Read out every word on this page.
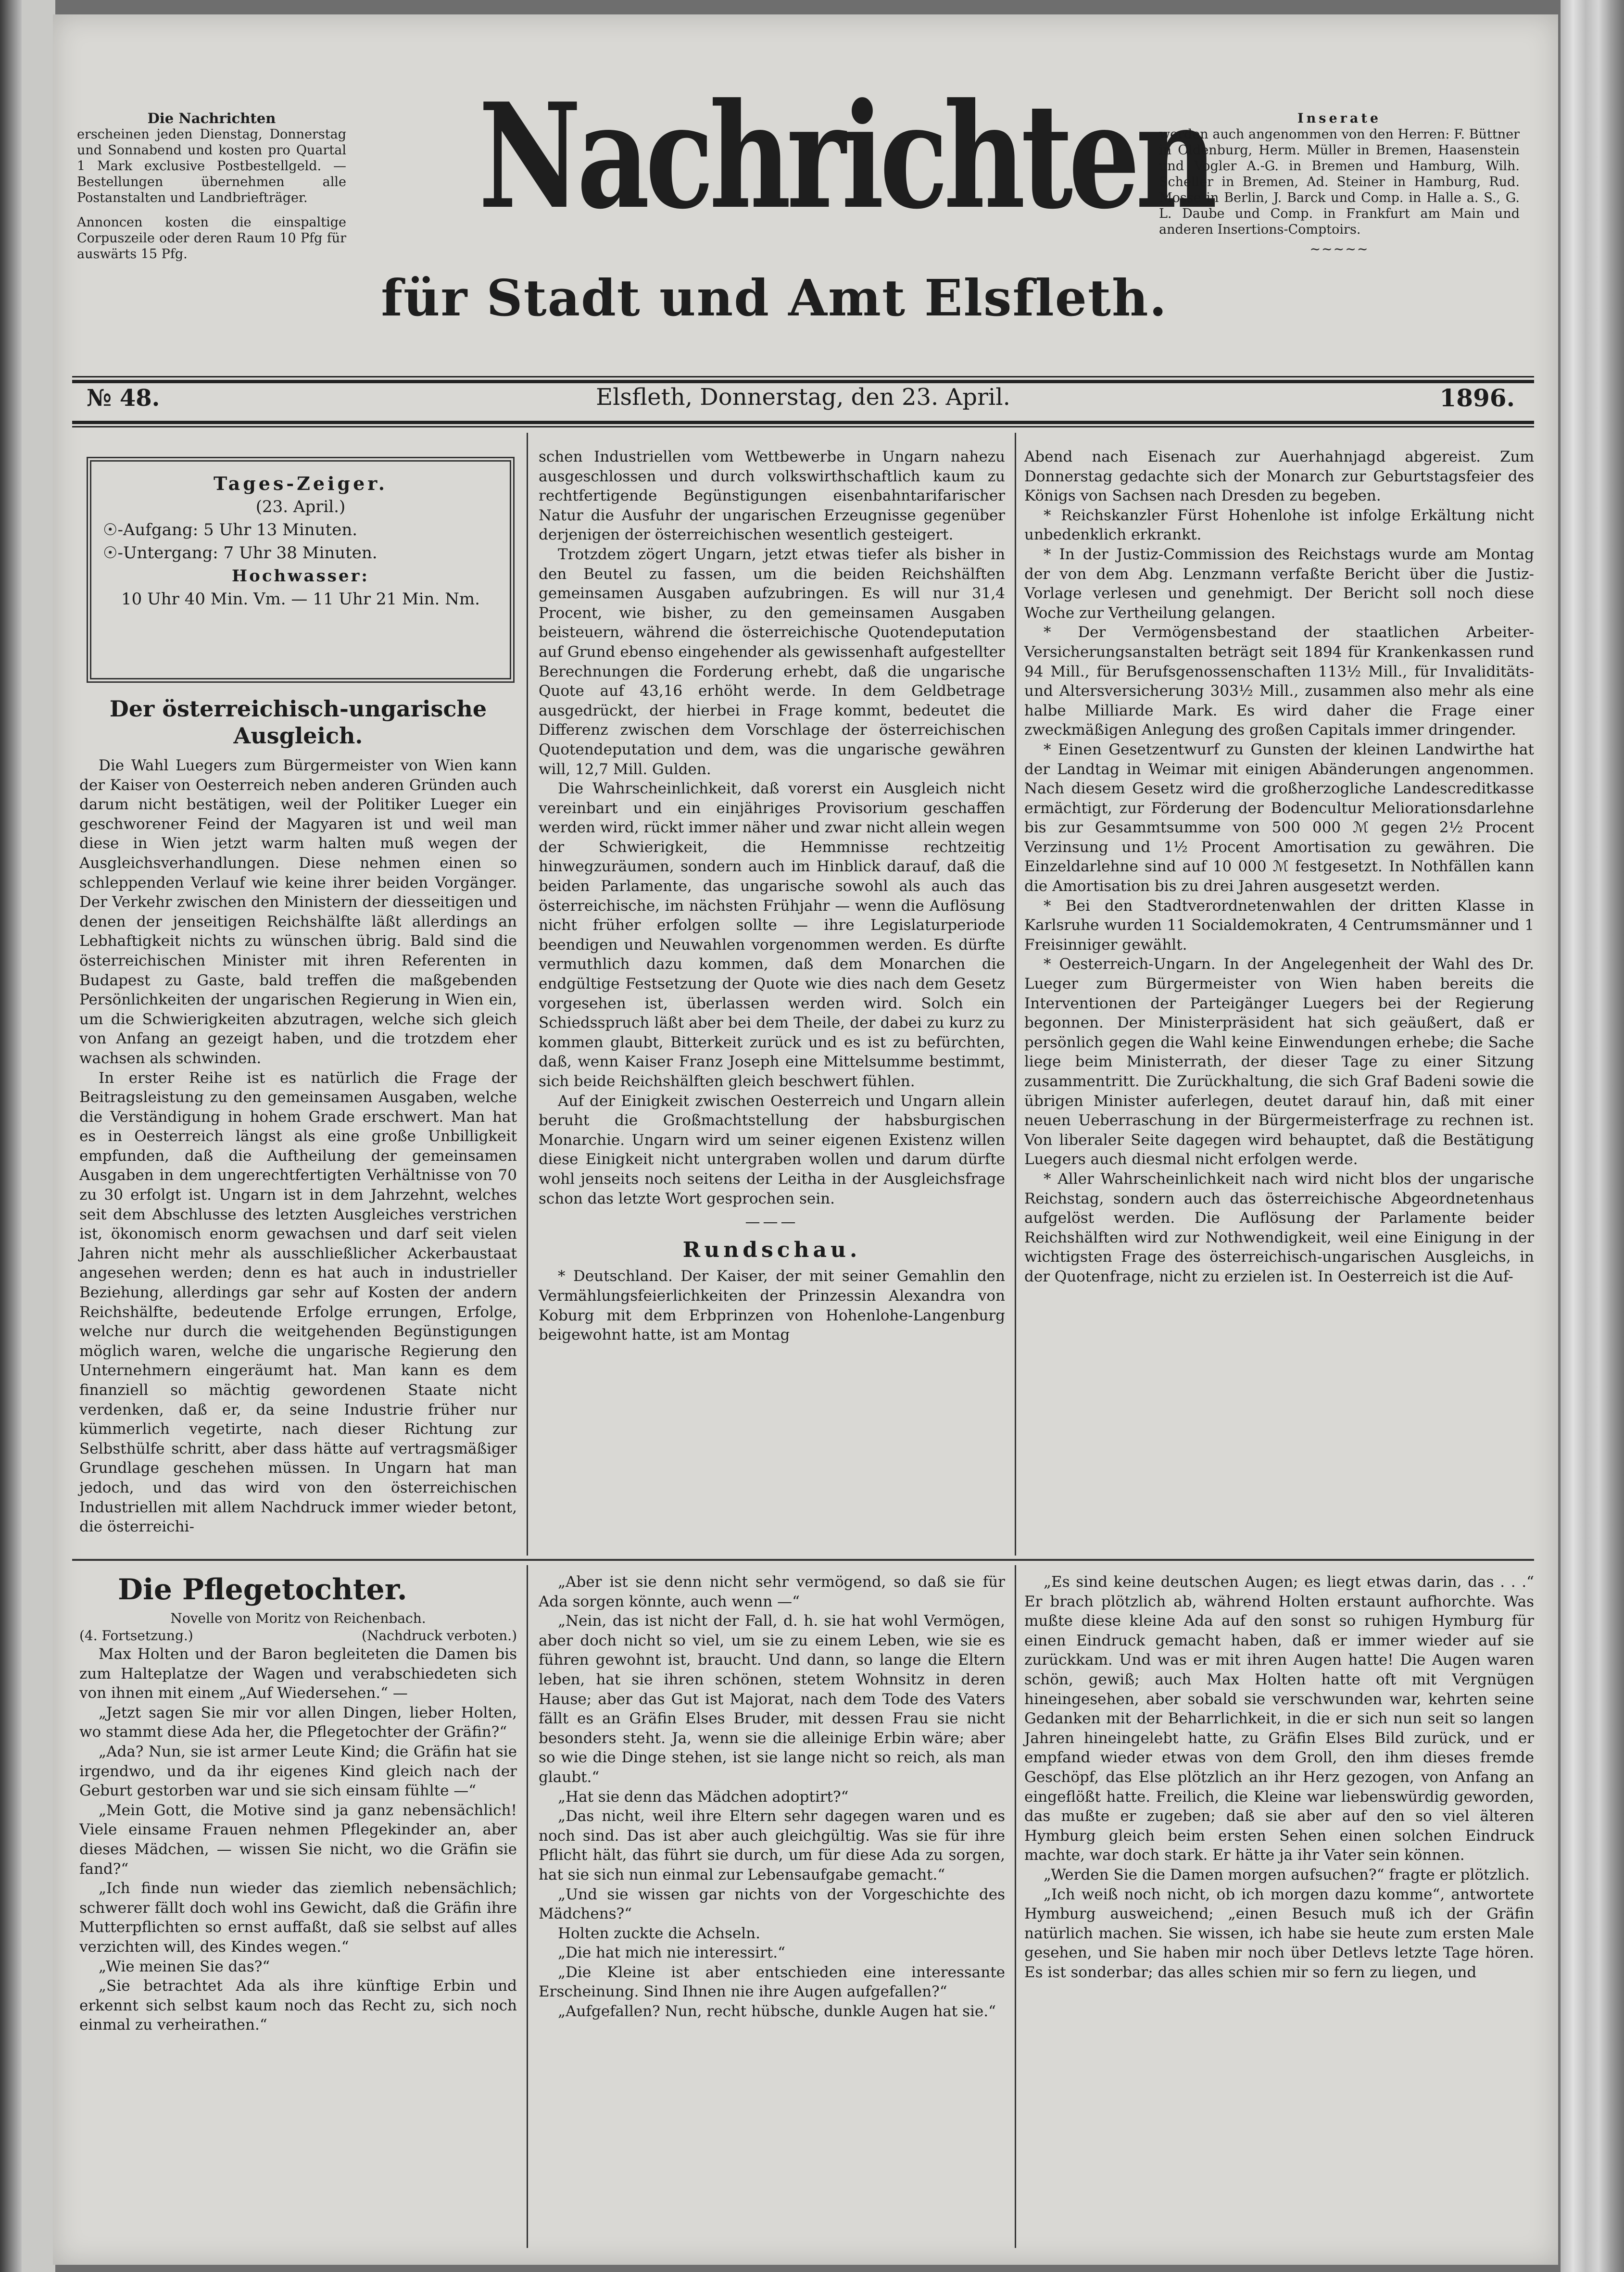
Die Nachrichten
erscheinen jeden Dienstag, Donnerstag und Sonnabend und kosten pro Quartal 1 Mark exclusive Postbestellgeld. — Bestellungen übernehmen alle Postanstalten und Landbriefträger.
Annoncen kosten die einspaltige Corpuszeile oder deren Raum 10 Pfg für auswärts 15 Pfg.
Nachrichten
für Stadt und Amt Elsfleth.
Inserate
werden auch angenommen von den Herren: F. Büttner in Oldenburg, Herm. Müller in Bremen, Haasenstein und Vogler A.-G. in Bremen und Hamburg, Wilh. Scheller in Bremen, Ad. Steiner in Hamburg, Rud. Mosse in Berlin, J. Barck und Comp. in Halle a. S., G. L. Daube und Comp. in Frankfurt am Main und anderen Insertions-Comptoirs.
~~~~~
№ 48.	Elsfleth, Donnerstag, den 23. April.	1896.
Tages-Zeiger.
(23. April.)
☉-Aufgang: 5 Uhr 13 Minuten.
☉-Untergang: 7 Uhr 38 Minuten.
Hochwasser:
10 Uhr 40 Min. Vm. — 11 Uhr 21 Min. Nm.
Der österreichisch-ungarische Ausgleich.

Die Wahl Luegers zum Bürgermeister von Wien kann der Kaiser von Oesterreich neben anderen Gründen auch darum nicht bestätigen, weil der Politiker Lueger ein geschworener Feind der Magyaren ist und weil man diese in Wien jetzt warm halten muß wegen der Ausgleichsverhandlungen. Diese nehmen einen so schleppenden Verlauf wie keine ihrer beiden Vorgänger. Der Verkehr zwischen den Ministern der diesseitigen und denen der jenseitigen Reichshälfte läßt allerdings an Lebhaftigkeit nichts zu wünschen übrig. Bald sind die österreichischen Minister mit ihren Referenten in Budapest zu Gaste, bald treffen die maßgebenden Persönlichkeiten der ungarischen Regierung in Wien ein, um die Schwierigkeiten abzutragen, welche sich gleich von Anfang an gezeigt haben, und die trotzdem eher wachsen als schwinden.

In erster Reihe ist es natürlich die Frage der Beitragsleistung zu den gemeinsamen Ausgaben, welche die Verständigung in hohem Grade erschwert. Man hat es in Oesterreich längst als eine große Unbilligkeit empfunden, daß die Auftheilung der gemeinsamen Ausgaben in dem ungerechtfertigten Verhältnisse von 70 zu 30 erfolgt ist. Ungarn ist in dem Jahrzehnt, welches seit dem Abschlusse des letzten Ausgleiches verstrichen ist, ökonomisch enorm gewachsen und darf seit vielen Jahren nicht mehr als ausschließlicher Ackerbaustaat angesehen werden; denn es hat auch in industrieller Beziehung, allerdings gar sehr auf Kosten der andern Reichshälfte, bedeutende Erfolge errungen, Erfolge, welche nur durch die weitgehenden Begünstigungen möglich waren, welche die ungarische Regierung den Unternehmern eingeräumt hat. Man kann es dem finanziell so mächtig gewordenen Staate nicht verdenken, daß er, da seine Industrie früher nur kümmerlich vegetirte, nach dieser Richtung zur Selbsthülfe schritt, aber dass hätte auf vertragsmäßiger Grundlage geschehen müssen. In Ungarn hat man jedoch, und das wird von den österreichischen Industriellen mit allem Nachdruck immer wieder betont, die österreichi-

schen Industriellen vom Wettbewerbe in Ungarn nahezu ausgeschlossen und durch volkswirthschaftlich kaum zu rechtfertigende Begünstigungen eisenbahntarifarischer Natur die Ausfuhr der ungarischen Erzeugnisse gegenüber derjenigen der österreichischen wesentlich gesteigert.

Trotzdem zögert Ungarn, jetzt etwas tiefer als bisher in den Beutel zu fassen, um die beiden Reichshälften gemeinsamen Ausgaben aufzubringen. Es will nur 31,4 Procent, wie bisher, zu den gemeinsamen Ausgaben beisteuern, während die österreichische Quotendeputation auf Grund ebenso eingehender als gewissenhaft aufgestellter Berechnungen die Forderung erhebt, daß die ungarische Quote auf 43,16 erhöht werde. In dem Geldbetrage ausgedrückt, der hierbei in Frage kommt, bedeutet die Differenz zwischen dem Vorschlage der österreichischen Quotendeputation und dem, was die ungarische gewähren will, 12,7 Mill. Gulden.

Die Wahrscheinlichkeit, daß vorerst ein Ausgleich nicht vereinbart und ein einjähriges Provisorium geschaffen werden wird, rückt immer näher und zwar nicht allein wegen der Schwierigkeit, die Hemmnisse rechtzeitig hinwegzuräumen, sondern auch im Hinblick darauf, daß die beiden Parlamente, das ungarische sowohl als auch das österreichische, im nächsten Frühjahr — wenn die Auflösung nicht früher erfolgen sollte — ihre Legislaturperiode beendigen und Neuwahlen vorgenommen werden. Es dürfte vermuthlich dazu kommen, daß dem Monarchen die endgültige Festsetzung der Quote wie dies nach dem Gesetz vorgesehen ist, überlassen werden wird. Solch ein Schiedsspruch läßt aber bei dem Theile, der dabei zu kurz zu kommen glaubt, Bitterkeit zurück und es ist zu befürchten, daß, wenn Kaiser Franz Joseph eine Mittelsumme bestimmt, sich beide Reichshälften gleich beschwert fühlen.

Auf der Einigkeit zwischen Oesterreich und Ungarn allein beruht die Großmachtstellung der habsburgischen Monarchie. Ungarn wird um seiner eigenen Existenz willen diese Einigkeit nicht untergraben wollen und darum dürfte wohl jenseits noch seitens der Leitha in der Ausgleichsfrage schon das letzte Wort gesprochen sein.

———
Rundschau.

* Deutschland. Der Kaiser, der mit seiner Gemahlin den Vermählungsfeierlichkeiten der Prinzessin Alexandra von Koburg mit dem Erbprinzen von Hohenlohe-Langenburg beigewohnt hatte, ist am Montag

Abend nach Eisenach zur Auerhahnjagd abgereist. Zum Donnerstag gedachte sich der Monarch zur Geburtstagsfeier des Königs von Sachsen nach Dresden zu begeben.

* Reichskanzler Fürst Hohenlohe ist infolge Erkältung nicht unbedenklich erkrankt.

* In der Justiz-Commission des Reichstags wurde am Montag der von dem Abg. Lenzmann verfaßte Bericht über die Justiz-Vorlage verlesen und genehmigt. Der Bericht soll noch diese Woche zur Vertheilung gelangen.

* Der Vermögensbestand der staatlichen Arbeiter-Versicherungsanstalten beträgt seit 1894 für Krankenkassen rund 94 Mill., für Berufsgenossenschaften 113½ Mill., für Invaliditäts- und Altersversicherung 303½ Mill., zusammen also mehr als eine halbe Milliarde Mark. Es wird daher die Frage einer zweckmäßigen Anlegung des großen Capitals immer dringender.

* Einen Gesetzentwurf zu Gunsten der kleinen Landwirthe hat der Landtag in Weimar mit einigen Abänderungen angenommen. Nach diesem Gesetz wird die großherzogliche Landescreditkasse ermächtigt, zur Förderung der Bodencultur Meliorationsdarlehne bis zur Gesammtsumme von 500 000 ℳ gegen 2½ Procent Verzinsung und 1½ Procent Amortisation zu gewähren. Die Einzeldarlehne sind auf 10 000 ℳ festgesetzt. In Nothfällen kann die Amortisation bis zu drei Jahren ausgesetzt werden.

* Bei den Stadtverordnetenwahlen der dritten Klasse in Karlsruhe wurden 11 Socialdemokraten, 4 Centrumsmänner und 1 Freisinniger gewählt.

* Oesterreich-Ungarn. In der Angelegenheit der Wahl des Dr. Lueger zum Bürgermeister von Wien haben bereits die Interventionen der Parteigänger Luegers bei der Regierung begonnen. Der Ministerpräsident hat sich geäußert, daß er persönlich gegen die Wahl keine Einwendungen erhebe; die Sache liege beim Ministerrath, der dieser Tage zu einer Sitzung zusammentritt. Die Zurückhaltung, die sich Graf Badeni sowie die übrigen Minister auferlegen, deutet darauf hin, daß mit einer neuen Ueberraschung in der Bürgermeisterfrage zu rechnen ist. Von liberaler Seite dagegen wird behauptet, daß die Bestätigung Luegers auch diesmal nicht erfolgen werde.

* Aller Wahrscheinlichkeit nach wird nicht blos der ungarische Reichstag, sondern auch das österreichische Abgeordnetenhaus aufgelöst werden. Die Auflösung der Parlamente beider Reichshälften wird zur Nothwendigkeit, weil eine Einigung in der wichtigsten Frage des österreichisch-ungarischen Ausgleichs, in der Quotenfrage, nicht zu erzielen ist. In Oesterreich ist die Auf-

Die Pflegetochter.

Novelle von Moritz von Reichenbach.

(4. Fortsetzung.)	(Nachdruck verboten.)

Max Holten und der Baron begleiteten die Damen bis zum Halteplatze der Wagen und verabschiedeten sich von ihnen mit einem „Auf Wiedersehen.“ —

„Jetzt sagen Sie mir vor allen Dingen, lieber Holten, wo stammt diese Ada her, die Pflegetochter der Gräfin?“

„Ada? Nun, sie ist armer Leute Kind; die Gräfin hat sie irgendwo, und da ihr eigenes Kind gleich nach der Geburt gestorben war und sie sich einsam fühlte —“

„Mein Gott, die Motive sind ja ganz nebensächlich! Viele einsame Frauen nehmen Pflegekinder an, aber dieses Mädchen, — wissen Sie nicht, wo die Gräfin sie fand?“

„Ich finde nun wieder das ziemlich nebensächlich; schwerer fällt doch wohl ins Gewicht, daß die Gräfin ihre Mutterpflichten so ernst auffaßt, daß sie selbst auf alles verzichten will, des Kindes wegen.“

„Wie meinen Sie das?“

„Sie betrachtet Ada als ihre künftige Erbin und erkennt sich selbst kaum noch das Recht zu, sich noch einmal zu verheirathen.“

„Aber ist sie denn nicht sehr vermögend, so daß sie für Ada sorgen könnte, auch wenn —“

„Nein, das ist nicht der Fall, d. h. sie hat wohl Vermögen, aber doch nicht so viel, um sie zu einem Leben, wie sie es führen gewohnt ist, braucht. Und dann, so lange die Eltern leben, hat sie ihren schönen, stetem Wohnsitz in deren Hause; aber das Gut ist Majorat, nach dem Tode des Vaters fällt es an Gräfin Elses Bruder, mit dessen Frau sie nicht besonders steht. Ja, wenn sie die alleinige Erbin wäre; aber so wie die Dinge stehen, ist sie lange nicht so reich, als man glaubt.“

„Hat sie denn das Mädchen adoptirt?“

„Das nicht, weil ihre Eltern sehr dagegen waren und es noch sind. Das ist aber auch gleichgültig. Was sie für ihre Pflicht hält, das führt sie durch, um für diese Ada zu sorgen, hat sie sich nun einmal zur Lebensaufgabe gemacht.“

„Und sie wissen gar nichts von der Vorgeschichte des Mädchens?“

Holten zuckte die Achseln.

„Die hat mich nie interessirt.“

„Die Kleine ist aber entschieden eine interessante Erscheinung. Sind Ihnen nie ihre Augen aufgefallen?“

„Aufgefallen? Nun, recht hübsche, dunkle Augen hat sie.“

„Es sind keine deutschen Augen; es liegt etwas darin, das . . .“ Er brach plötzlich ab, während Holten erstaunt aufhorchte. Was mußte diese kleine Ada auf den sonst so ruhigen Hymburg für einen Eindruck gemacht haben, daß er immer wieder auf sie zurückkam. Und was er mit ihren Augen hatte! Die Augen waren schön, gewiß; auch Max Holten hatte oft mit Vergnügen hineingesehen, aber sobald sie verschwunden war, kehrten seine Gedanken mit der Beharrlichkeit, in die er sich nun seit so langen Jahren hineingelebt hatte, zu Gräfin Elses Bild zurück, und er empfand wieder etwas von dem Groll, den ihm dieses fremde Geschöpf, das Else plötzlich an ihr Herz gezogen, von Anfang an eingeflößt hatte. Freilich, die Kleine war liebenswürdig geworden, das mußte er zugeben; daß sie aber auf den so viel älteren Hymburg gleich beim ersten Sehen einen solchen Eindruck machte, war doch stark. Er hätte ja ihr Vater sein können.

„Werden Sie die Damen morgen aufsuchen?“ fragte er plötzlich.

„Ich weiß noch nicht, ob ich morgen dazu komme“, antwortete Hymburg ausweichend; „einen Besuch muß ich der Gräfin natürlich machen. Sie wissen, ich habe sie heute zum ersten Male gesehen, und Sie haben mir noch über Detlevs letzte Tage hören. Es ist sonderbar; das alles schien mir so fern zu liegen, und
